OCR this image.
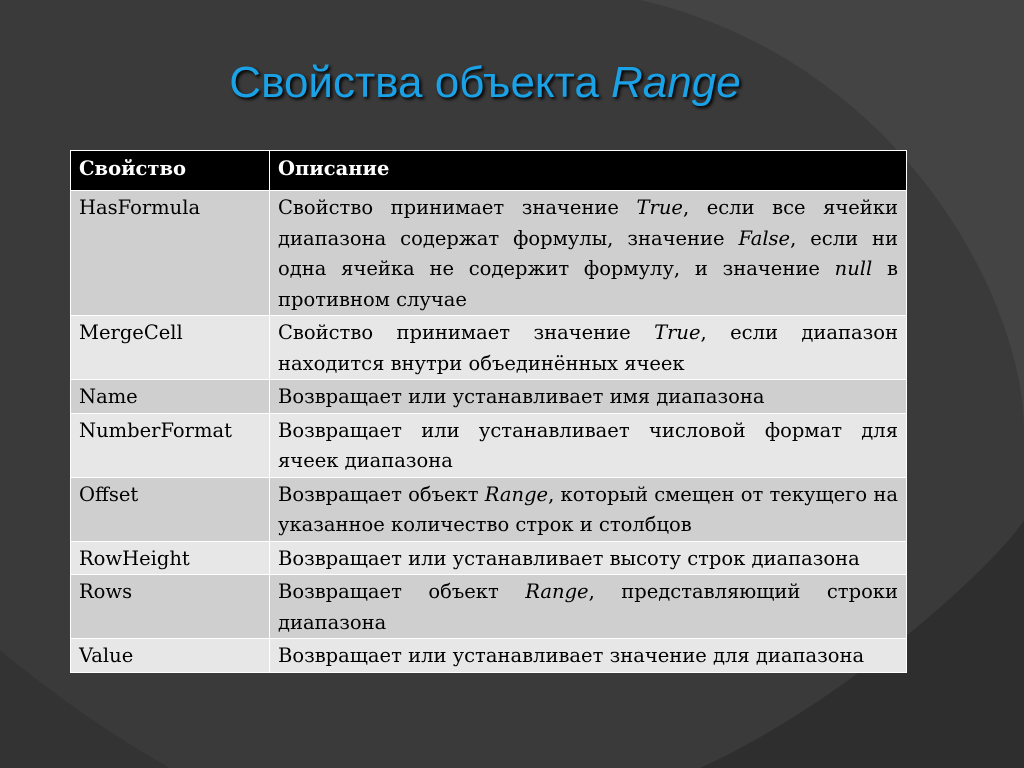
Свойства объекта Range
Свойство	Описание
HasFormula	Свойство принимает значение True, если все ячейки диапазона содержат формулы, значение False, если ни одна ячейка не содержит формулу, и значение null в противном случае
MergeCell	Свойство принимает значение True, если диапазон находится внутри объединённых ячеек
Name	Возвращает или устанавливает имя диапазона
NumberFormat	Возвращает или устанавливает числовой формат для ячеек диапазона
Offset	Возвращает объект Range, который смещен от текущего на указанное количество строк и столбцов
RowHeight	Возвращает или устанавливает высоту строк диапазона
Rows	Возвращает объект Range, представляющий строки диапазона
Value	Возвращает или устанавливает значение для диапазона
